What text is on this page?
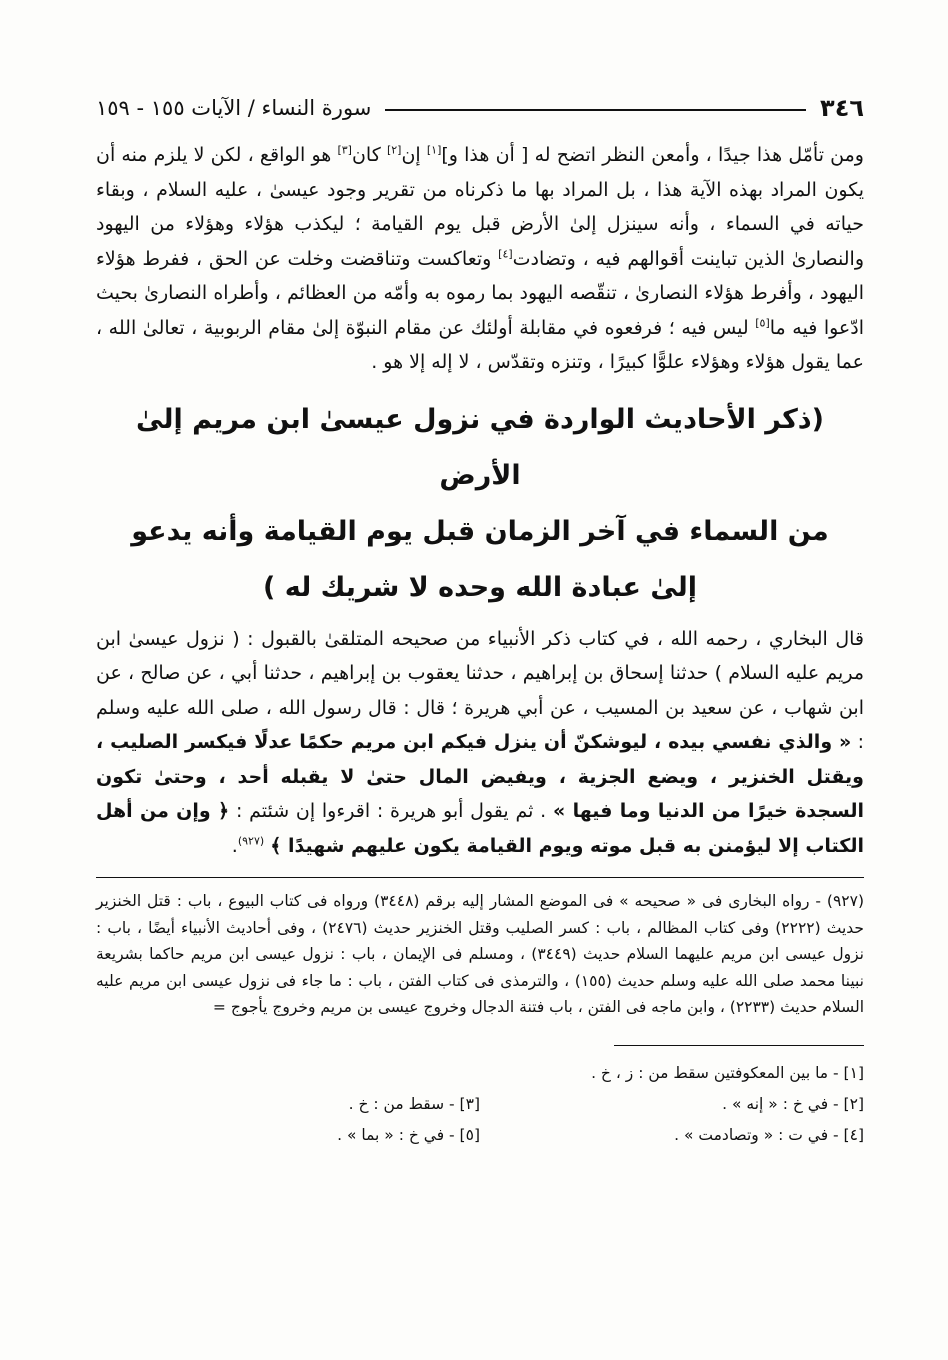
٣٤٦
سورة النساء / الآيات ١٥٥ - ١٥٩

ومن تأمّل هذا جيدًا ، وأمعن النظر اتضح له [ أن هذا و][١] إن[٢] كان[٣] هو الواقع ، لكن لا يلزم منه أن يكون المراد بهذه الآية هذا ، بل المراد بها ما ذكرناه من تقرير وجود عيسىٰ ، عليه السلام ، وبقاء حياته في السماء ، وأنه سينزل إلىٰ الأرض قبل يوم القيامة ؛ ليكذب هؤلاء وهؤلاء من اليهود والنصارىٰ الذين تباينت أقوالهم فيه ، وتضادت[٤] وتعاكست وتناقضت وخلت عن الحق ، ففرط هؤلاء اليهود ، وأفرط هؤلاء النصارىٰ ، تنقّصه اليهود بما رموه به وأمّه من العظائم ، وأطراه النصارىٰ بحيث ادّعوا فيه ما[٥] ليس فيه ؛ فرفعوه في مقابلة أولئك عن مقام النبوّة إلىٰ مقام الربوبية ، تعالىٰ الله ، عما يقول هؤلاء وهؤلاء علوًّا كبيرًا ، وتنزه وتقدّس ، لا إله إلا هو .

(ذكر الأحاديث الواردة في نزول عيسىٰ ابن مريم إلىٰ الأرض
من السماء في آخر الزمان قبل يوم القيامة وأنه يدعو
إلىٰ عبادة الله وحده لا شريك له )

قال البخاري ، رحمه الله ، في كتاب ذكر الأنبياء من صحيحه المتلقىٰ بالقبول : ( نزول عيسىٰ ابن مريم عليه السلام ) حدثنا إسحاق بن إبراهيم ، حدثنا يعقوب بن إبراهيم ، حدثنا أبي ، عن صالح ، عن ابن شهاب ، عن سعيد بن المسيب ، عن أبي هريرة ؛ قال : قال رسول الله ، صلى الله عليه وسلم : « والذي نفسي بيده ، ليوشكنّ أن ينزل فيكم ابن مريم حكمًا عدلًا فيكسر الصليب ، ويقتل الخنزير ، ويضع الجزية ، ويفيض المال حتىٰ لا يقبله أحد ، وحتىٰ تكون السجدة خيرًا من الدنيا وما فيها » . ثم يقول أبو هريرة : اقرءوا إن شئتم : ﴿ وإن من أهل الكتاب إلا ليؤمنن به قبل موته ويوم القيامة يكون عليهم شهيدًا ﴾ $^{(٩٢٧)}$.

(٩٢٧) - رواه البخارى فى « صحيحه » فى الموضع المشار إليه برقم (٣٤٤٨) ورواه فى كتاب البيوع ، باب : قتل الخنزير حديث (٢٢٢٢) وفى كتاب المظالم ، باب : كسر الصليب وقتل الخنزير حديث (٢٤٧٦) ، وفى أحاديث الأنبياء أيضًا ، باب : نزول عيسى ابن مريم عليهما السلام حديث (٣٤٤٩) ، ومسلم فى الإيمان ، باب : نزول عيسى ابن مريم حاكما بشريعة نبينا محمد صلى الله عليه وسلم حديث (١٥٥) ، والترمذى فى كتاب الفتن ، باب : ما جاء فى نزول عيسى ابن مريم عليه السلام حديث (٢٢٣٣) ، وابن ماجه فى الفتن ، باب فتنة الدجال وخروج عيسى بن مريم وخروج يأجوج =

[١] - ما بين المعكوفتين سقط من : ز ، خ .
[٢] - في خ : « إنه » .
[٣] - سقط من : خ .
[٤] - في ت : « وتصادمت » .
[٥] - في خ : « بما » .
